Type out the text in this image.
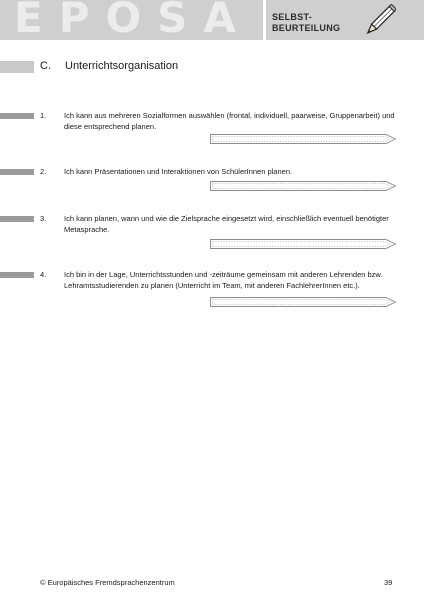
EPOSA SELBST-
BEURTEILUNG
C. Unterrichtsorganisation
1. Ich kann aus mehreren Sozialformen auswählen (frontal, individuell, paarweise, Gruppenarbeit) und diese entsprechend planen.
2. Ich kann Präsentationen und Interaktionen von SchülerInnen planen.
3. Ich kann planen, wann und wie die Zielsprache eingesetzt wird, einschließlich eventuell benötigter Metasprache.
4. Ich bin in der Lage, Unterrichtsstunden und -zeiträume gemeinsam mit anderen Lehrenden bzw. Lehramtsstudierenden zu planen (Unterricht im Team, mit anderen FachlehrerInnen etc.).
© Europäisches Fremdsprachenzentrum	39
